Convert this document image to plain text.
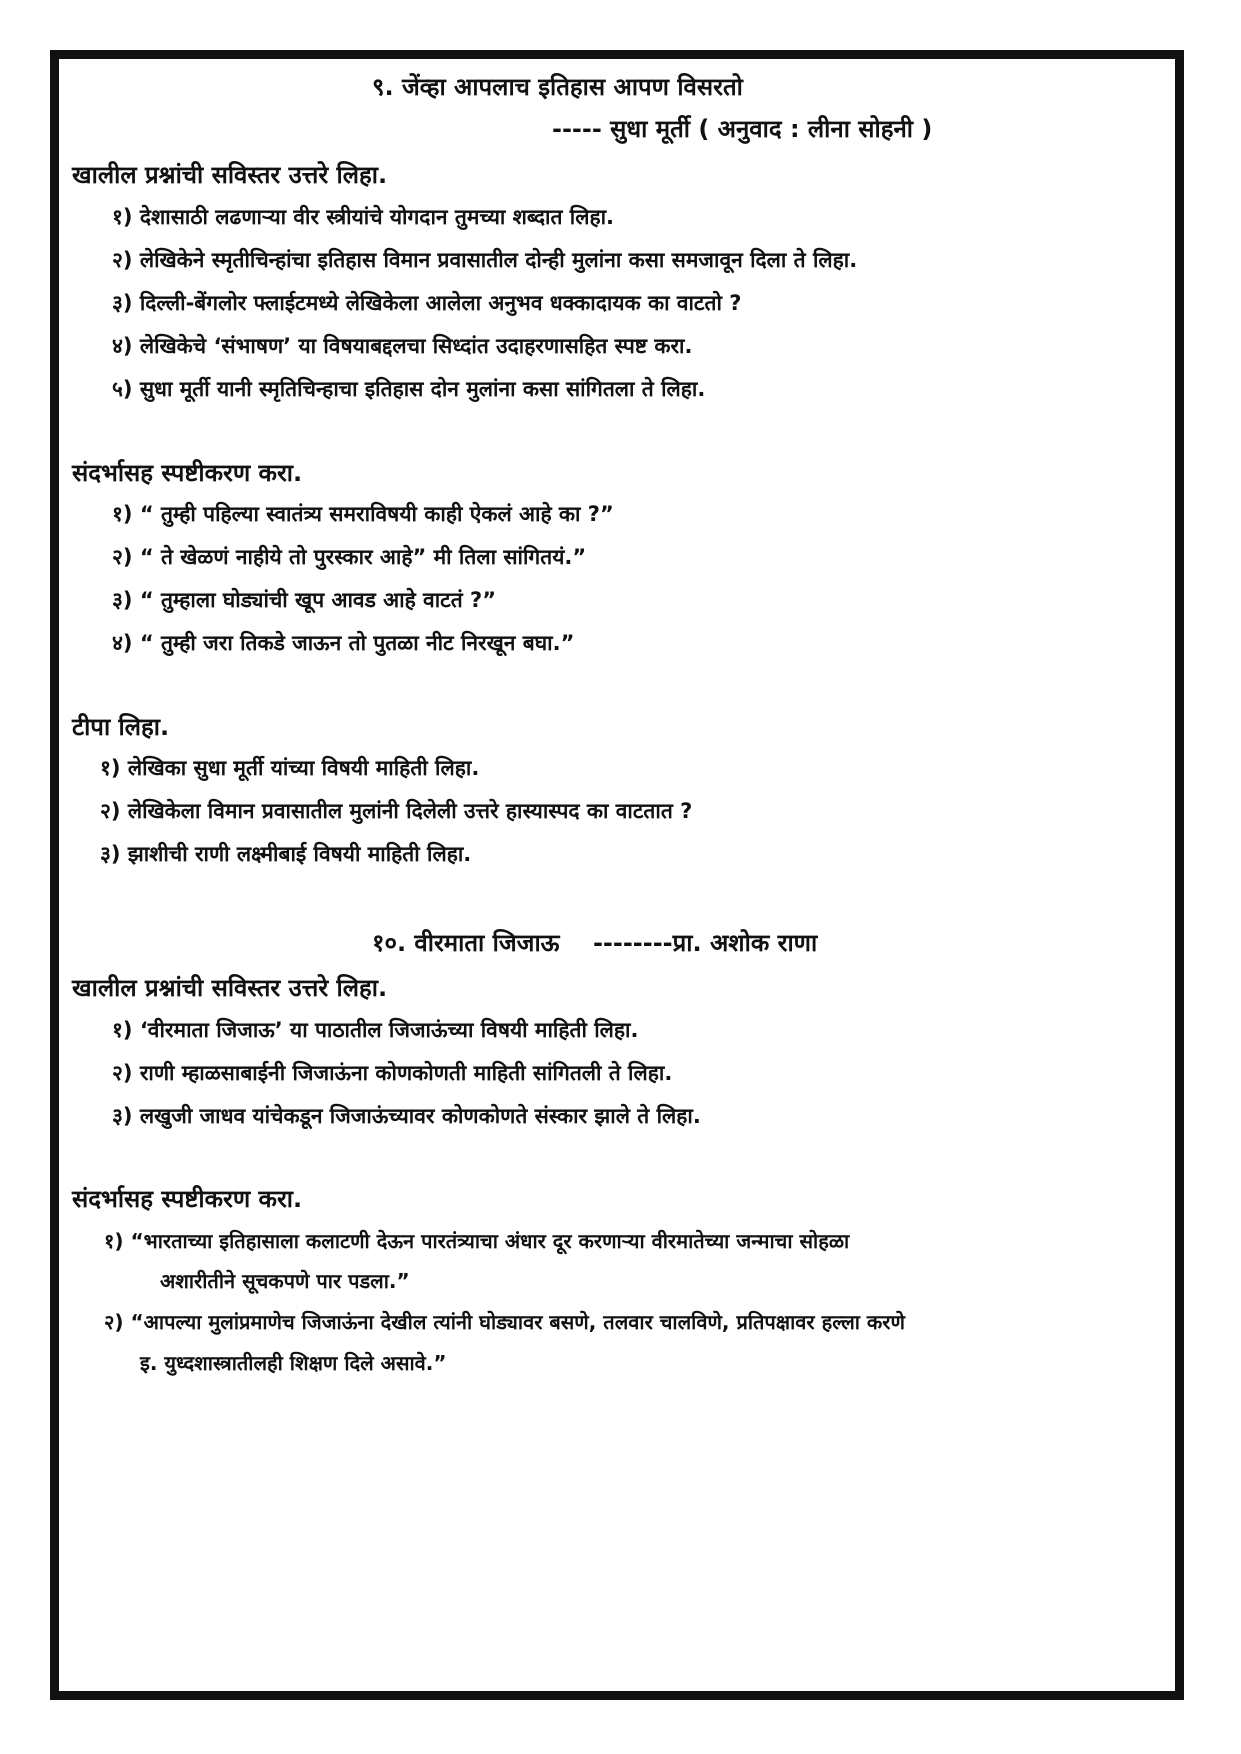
९. जेंव्हा आपलाच इतिहास आपण विसरतो
----- सुधा मूर्ती ( अनुवाद : लीना सोहनी )
खालील प्रश्नांची सविस्तर उत्तरे लिहा.
१) देशासाठी लढणाऱ्या वीर स्त्रीयांचे योगदान तुमच्या शब्दात लिहा.
२) लेखिकेने स्मृतीचिन्हांचा इतिहास विमान प्रवासातील दोन्ही मुलांना कसा समजावून दिला ते लिहा.
३) दिल्ली-बेंगलोर फ्लाईटमध्ये लेखिकेला आलेला अनुभव धक्कादायक का वाटतो ?
४) लेखिकेचे ‘संभाषण’ या विषयाबद्दलचा सिध्दांत उदाहरणासहित स्पष्ट करा.
५) सुधा मूर्ती यानी स्मृतिचिन्हाचा इतिहास दोन मुलांना कसा सांगितला ते लिहा.
संदर्भासह स्पष्टीकरण करा.
१) “ तुम्ही पहिल्या स्वातंत्र्य समराविषयी काही ऐकलं आहे का ?”
२) “ ते खेळणं नाहीये तो पुरस्कार आहे” मी तिला सांगितयं.”
३) “ तुम्हाला घोड्यांची खूप आवड आहे वाटतं ?”
४) “ तुम्ही जरा तिकडे जाऊन तो पुतळा नीट निरखून बघा.”
टीपा लिहा.
१) लेखिका सुधा मूर्ती यांच्या विषयी माहिती लिहा.
२) लेखिकेला विमान प्रवासातील मुलांनी दिलेली उत्तरे हास्यास्पद का वाटतात ?
३) झाशीची राणी लक्ष्मीबाई विषयी माहिती लिहा.
१०. वीरमाता जिजाऊ    --------प्रा. अशोक राणा
खालील प्रश्नांची सविस्तर उत्तरे लिहा.
१) ‘वीरमाता जिजाऊ’ या पाठातील जिजाऊंच्या विषयी माहिती लिहा.
२) राणी म्हाळसाबाईनी जिजाऊंना कोणकोणती माहिती सांगितली ते लिहा.
३) लखुजी जाधव यांचेकडून जिजाऊंच्यावर कोणकोणते संस्कार झाले ते लिहा.
संदर्भासह स्पष्टीकरण करा.
१) “भारताच्या इतिहासाला कलाटणी देऊन पारतंत्र्याचा अंधार दूर करणाऱ्या वीरमातेच्या जन्माचा सोहळा
अशारीतीने सूचकपणे पार पडला.”
२) “आपल्या मुलांप्रमाणेच जिजाऊंना देखील त्यांनी घोड्यावर बसणे, तलवार चालविणे, प्रतिपक्षावर हल्ला करणे
इ. युध्दशास्त्रातीलही शिक्षण दिले असावे.”
